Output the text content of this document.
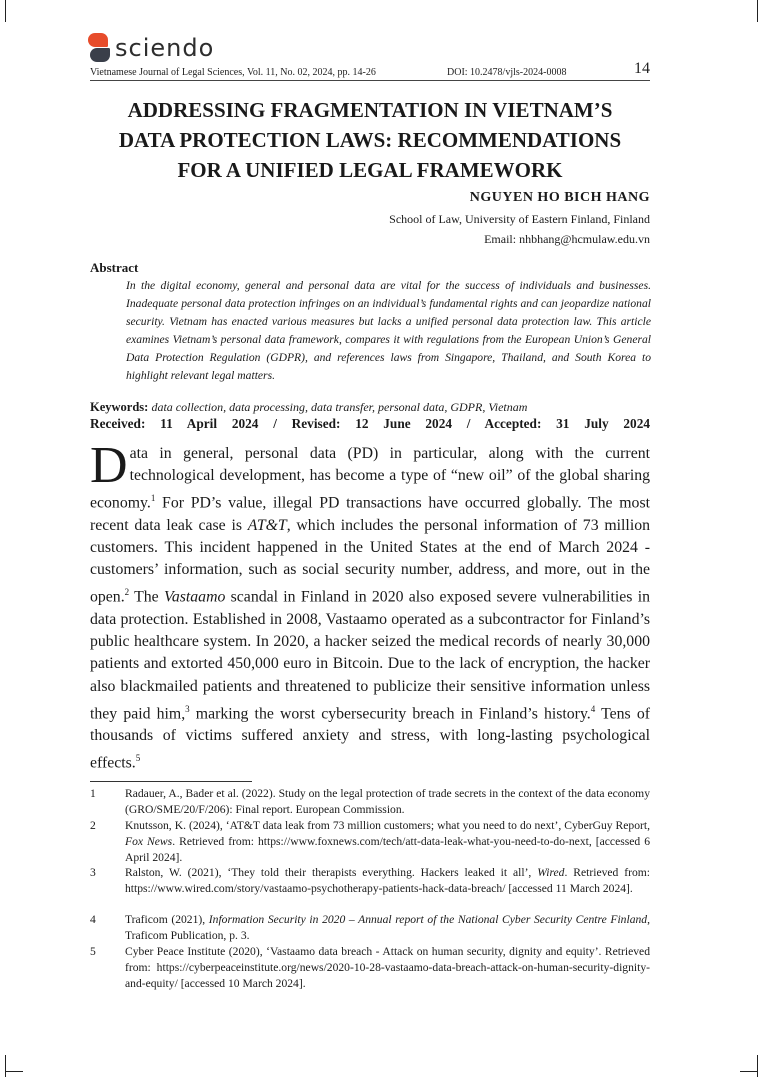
sciendo
Vietnamese Journal of Legal Sciences, Vol. 11, No. 02, 2024, pp. 14-26	DOI: 10.2478/vjls-2024-0008	14
ADDRESSING FRAGMENTATION IN VIETNAM’S
DATA PROTECTION LAWS: RECOMMENDATIONS
FOR A UNIFIED LEGAL FRAMEWORK
NGUYEN HO BICH HANG
School of Law, University of Eastern Finland, Finland
Email: nhbhang@hcmulaw.edu.vn
Abstract
In the digital economy, general and personal data are vital for the success of individuals and businesses. Inadequate personal data protection infringes on an individual’s fundamental rights and can jeopardize national security. Vietnam has enacted various measures but lacks a unified personal data protection law. This article examines Vietnam’s personal data framework, compares it with regulations from the European Union’s General Data Protection Regulation (GDPR), and references laws from Singapore, Thailand, and South Korea to highlight relevant legal matters.
Keywords: data collection, data processing, data transfer, personal data, GDPR, Vietnam
Received: 11 April 2024 / Revised: 12 June 2024 / Accepted: 31 July 2024
Data in general, personal data (PD) in particular, along with the current technological development, has become a type of “new oil” of the global sharing economy.$^1$ For PD’s value, illegal PD transactions have occurred globally. The most recent data leak case is AT&T, which includes the personal information of 73 million customers. This incident happened in the United States at the end of March 2024 - customers’ information, such as social security number, address, and more, out in the open.$^2$ The Vastaamo scandal in Finland in 2020 also exposed severe vulnerabilities in data protection. Established in 2008, Vastaamo operated as a subcontractor for Finland’s public healthcare system. In 2020, a hacker seized the medical records of nearly 30,000 patients and extorted 450,000 euro in Bitcoin. Due to the lack of encryption, the hacker also blackmailed patients and threatened to publicize their sensitive information unless they paid him,$^3$ marking the worst cybersecurity breach in Finland’s history.$^4$ Tens of thousands of victims suffered anxiety and stress, with long-lasting psychological effects.$^5$
1	Radauer, A., Bader et al. (2022). Study on the legal protection of trade secrets in the context of the data economy (GRO/SME/20/F/206): Final report. European Commission.
2	Knutsson, K. (2024), ‘AT&T data leak from 73 million customers; what you need to do next’, CyberGuy Report, Fox News. Retrieved from: https://www.foxnews.com/tech/att-data-leak-what-you-need-to-do-next, [accessed 6 April 2024].
3	Ralston, W. (2021), ‘They told their therapists everything. Hackers leaked it all’, Wired. Retrieved from: https://www.wired.com/story/vastaamo-psychotherapy-patients-hack-data-breach/ [accessed 11 March 2024].
4	Traficom (2021), Information Security in 2020 – Annual report of the National Cyber Security Centre Finland, Traficom Publication, p. 3.
5	Cyber Peace Institute (2020), ‘Vastaamo data breach - Attack on human security, dignity and equity’. Retrieved from: https://cyberpeaceinstitute.org/news/2020-10-28-vastaamo-data-breach-attack-on-human-security-dignity-and-equity/ [accessed 10 March 2024].
